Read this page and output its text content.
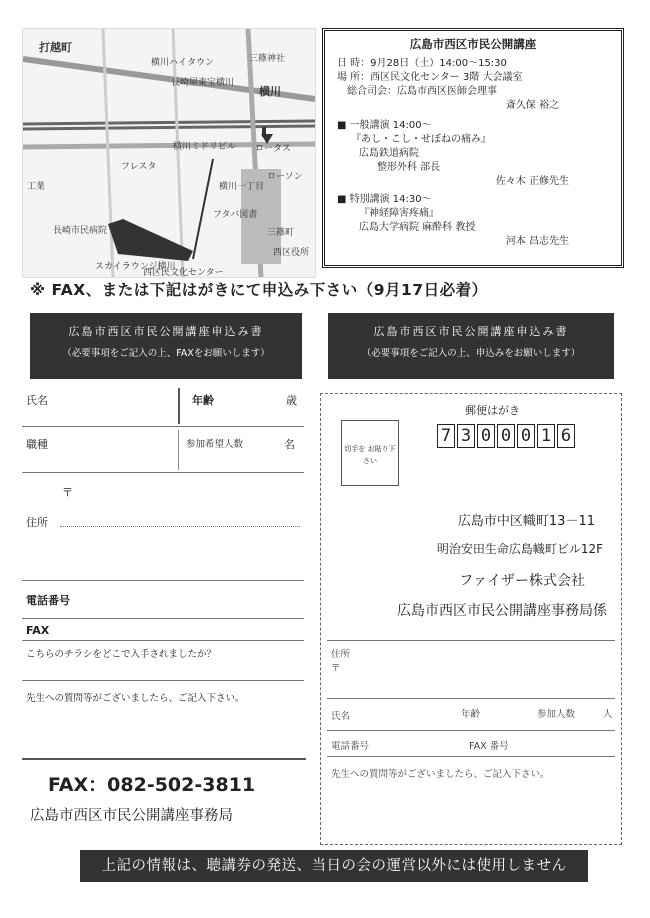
打越町
横川ハイタウン	三篠神社
長崎屋東宝横川
横川
ロータス
フレスタ
横川一丁目
フタバ図書
スカイラウンジ横川
西区民文化センター
工業
長崎市民病院
ローソン
横川ミドリビル
三篠町
西区役所
広島市西区市民公開講座
日 時：9月28日（土）14:00～15:30
場 所：西区民文化センター 3階 大会議室
総合司会：広島市西区医師会理事
斎久保 裕之
■ 一般講演 14:00～
『あし・こし・せぼねの痛み』
広島鉄道病院
整形外科 部長
佐々木 正修先生
■ 特別講演 14:30～
『神経障害疼痛』
広島大学病院 麻酔科 教授
河本 昌志先生
※ FAX、または下記はがきにて申込み下さい（9月17日必着）
広島市西区市民公開講座申込み書
（必要事項をご記入の上、FAXをお願いします）
氏名	年齢	歳
職種	参加希望人数	名
〒
住所
電話番号
FAX
こちらのチラシをどこで入手されましたか？
先生への質問等がございましたら、ご記入下さい。
FAX：082-502-3811
広島市西区市民公開講座事務局
広島市西区市民公開講座申込み書
（必要事項をご記入の上、申込みをお願いします）
郵便はがき
切手を お貼り下さい
7 3 0 0 0 1 6
広島市中区幟町13－11
明治安田生命広島幟町ビル12F
ファイザー株式会社
広島市西区市民公開講座事務局係
住所
〒
氏名	年齢	参加人数	人
電話番号	FAX 番号
先生への質問等がございましたら、ご記入下さい。
上記の情報は、聴講券の発送、当日の会の運営以外には使用しません
